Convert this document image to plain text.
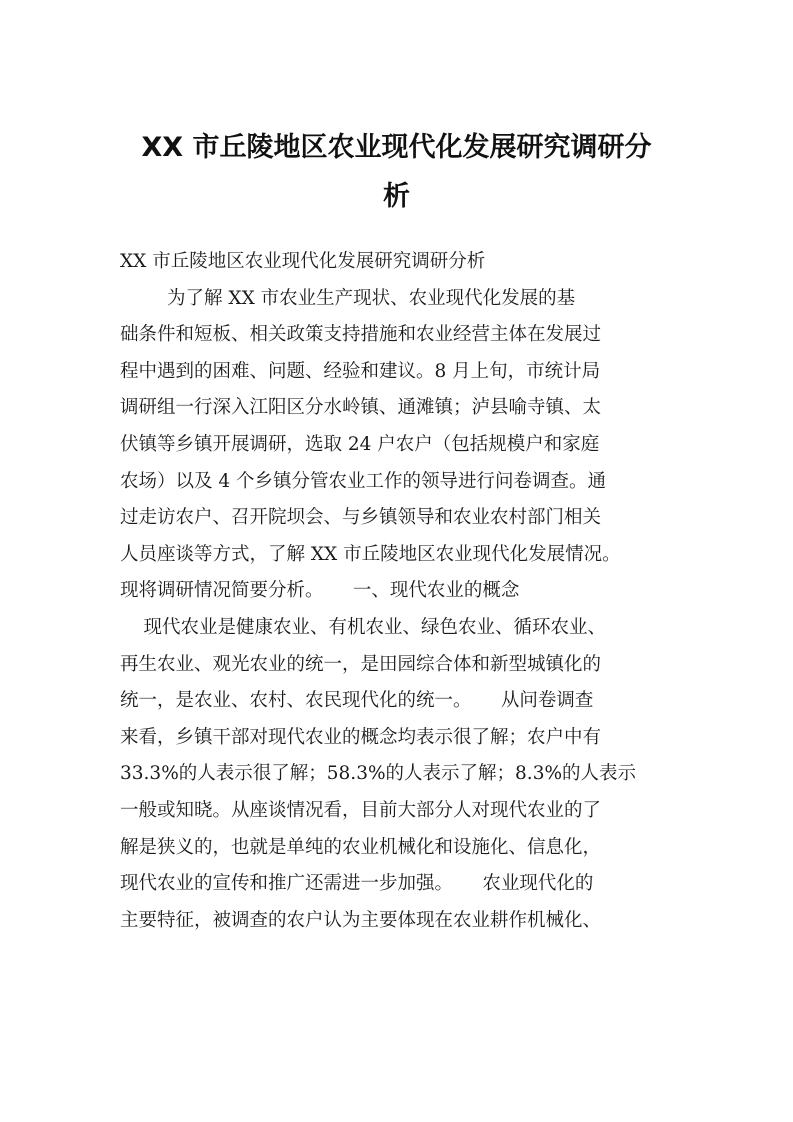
XX 市丘陵地区农业现代化发展研究调研分
析
XX 市丘陵地区农业现代化发展研究调研分析
为了解 XX 市农业生产现状、农业现代化发展的基
础条件和短板、相关政策支持措施和农业经营主体在发展过
程中遇到的困难、问题、经验和建议。8 月上旬，市统计局
调研组一行深入江阳区分水岭镇、通滩镇；泸县喻寺镇、太
伏镇等乡镇开展调研，选取 24 户农户（包括规模户和家庭
农场）以及 4 个乡镇分管农业工作的领导进行问卷调查。通
过走访农户、召开院坝会、与乡镇领导和农业农村部门相关
人员座谈等方式，了解 XX 市丘陵地区农业现代化发展情况。
现将调研情况简要分析。     一、现代农业的概念
现代农业是健康农业、有机农业、绿色农业、循环农业、
再生农业、观光农业的统一，是田园综合体和新型城镇化的
统一，是农业、农村、农民现代化的统一。     从问卷调查
来看，乡镇干部对现代农业的概念均表示很了解；农户中有
33.3%的人表示很了解；58.3%的人表示了解；8.3%的人表示
一般或知晓。从座谈情况看，目前大部分人对现代农业的了
解是狭义的，也就是单纯的农业机械化和设施化、信息化，
现代农业的宣传和推广还需进一步加强。     农业现代化的
主要特征，被调查的农户认为主要体现在农业耕作机械化、
